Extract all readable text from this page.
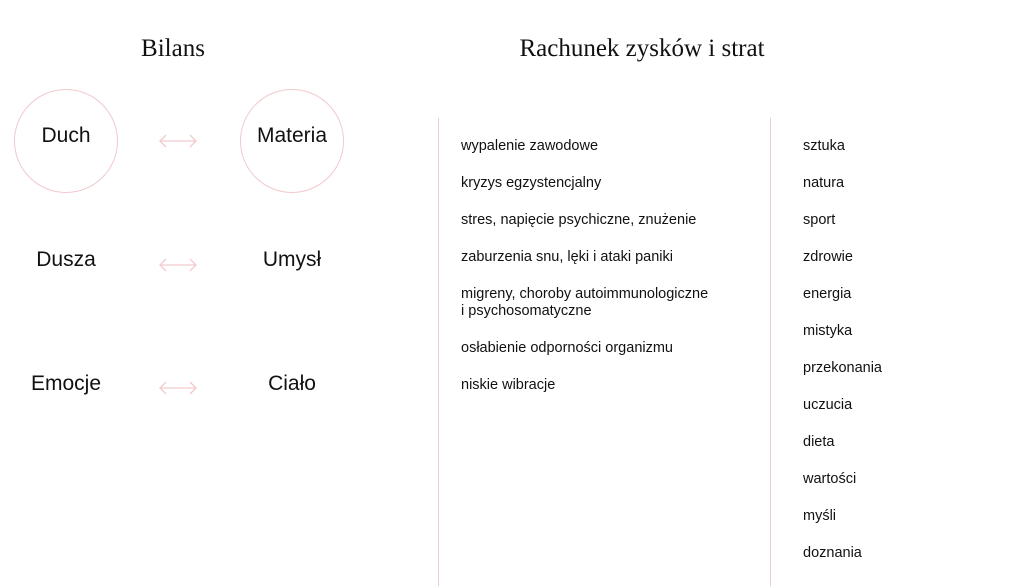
Bilans	Rachunek zysków i strat
Duch	Materia
Dusza	Umysł
Emocje	Ciało
wypalenie zawodowe
kryzys egzystencjalny
stres, napięcie psychiczne, znużenie
zaburzenia snu, lęki i ataki paniki
migreny, choroby autoimmunologiczne
i psychosomatyczne
osłabienie odporności organizmu
niskie wibracje
sztuka
natura
sport
zdrowie
energia
mistyka
przekonania
uczucia
dieta
wartości
myśli
doznania
